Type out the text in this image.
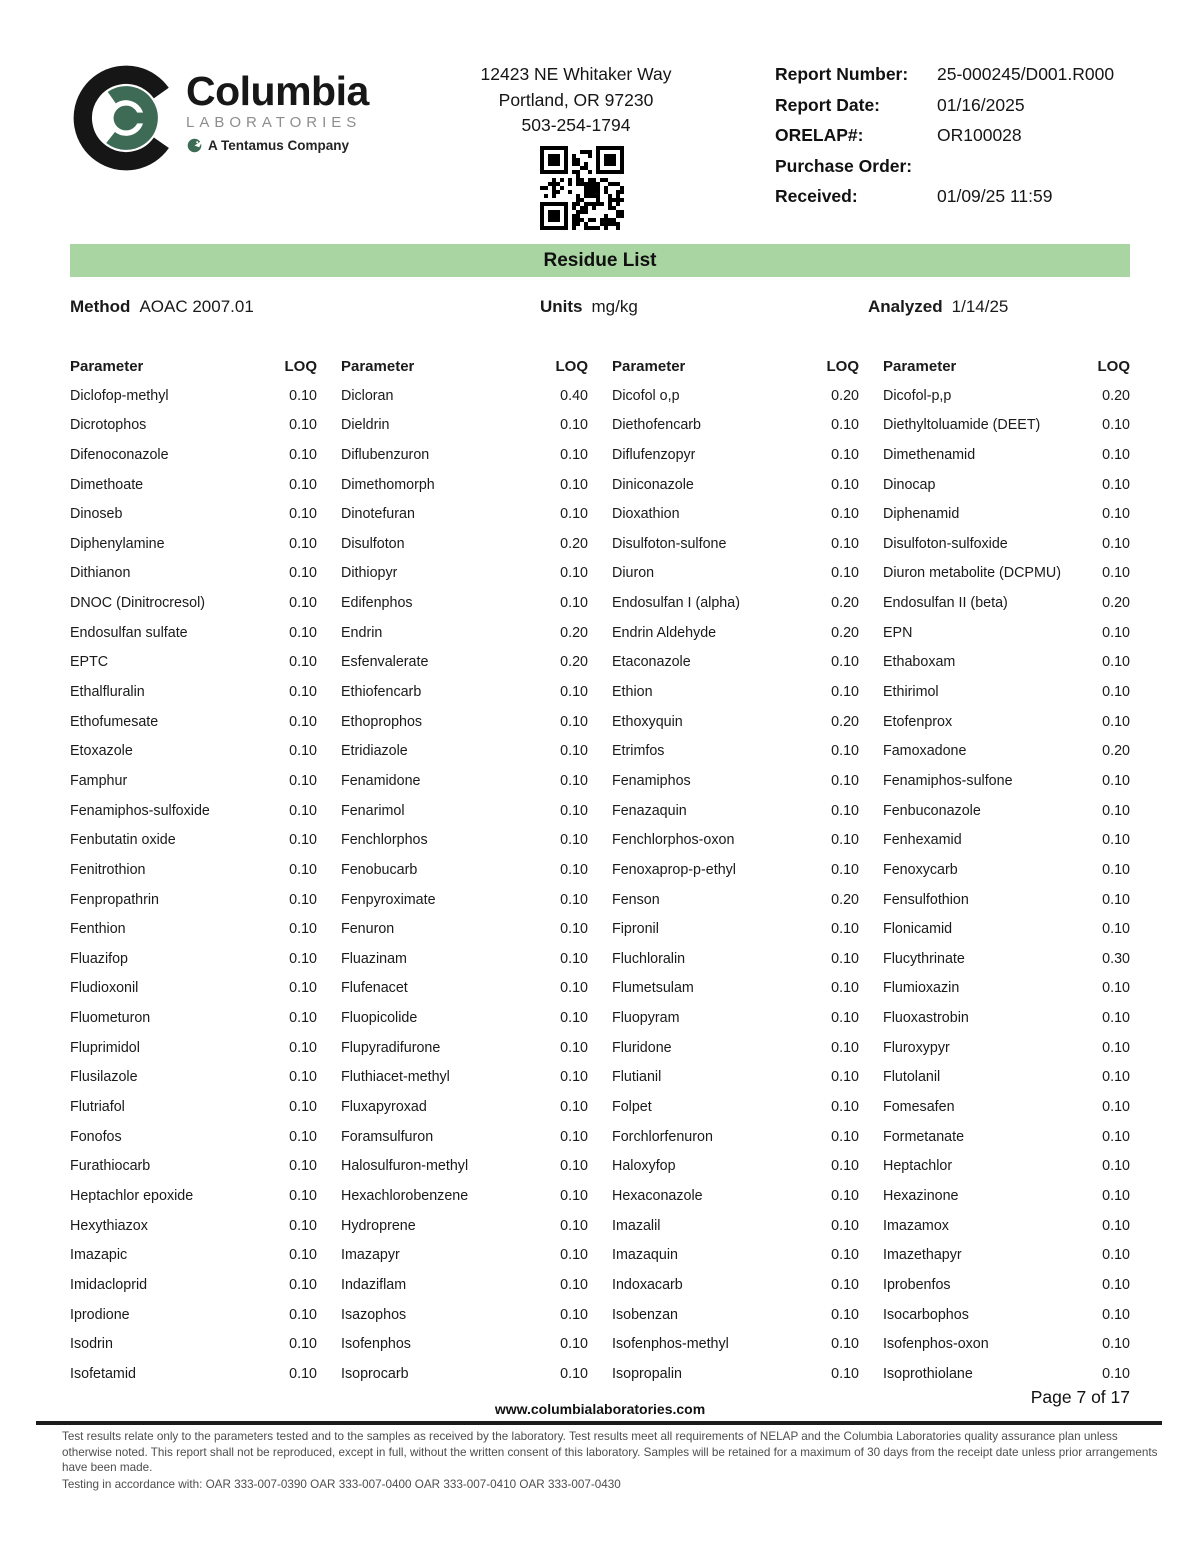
Columbia
LABORATORIES
A Tentamus Company
12423 NE Whitaker Way
Portland, OR 97230
503-254-1794
Report Number:	25-000245/D001.R000
Report Date:	01/16/2025
ORELAP#:	OR100028
Purchase Order:
Received:	01/09/25 11:59
Residue List
Method AOAC 2007.01	Units mg/kg	Analyzed 1/14/25
Parameter	LOQ
Diclofop-methyl	0.10
Dicrotophos	0.10
Difenoconazole	0.10
Dimethoate	0.10
Dinoseb	0.10
Diphenylamine	0.10
Dithianon	0.10
DNOC (Dinitrocresol)	0.10
Endosulfan sulfate	0.10
EPTC	0.10
Ethalfluralin	0.10
Ethofumesate	0.10
Etoxazole	0.10
Famphur	0.10
Fenamiphos-sulfoxide	0.10
Fenbutatin oxide	0.10
Fenitrothion	0.10
Fenpropathrin	0.10
Fenthion	0.10
Fluazifop	0.10
Fludioxonil	0.10
Fluometuron	0.10
Fluprimidol	0.10
Flusilazole	0.10
Flutriafol	0.10
Fonofos	0.10
Furathiocarb	0.10
Heptachlor epoxide	0.10
Hexythiazox	0.10
Imazapic	0.10
Imidacloprid	0.10
Iprodione	0.10
Isodrin	0.10
Isofetamid	0.10
Parameter	LOQ
Dicloran	0.40
Dieldrin	0.10
Diflubenzuron	0.10
Dimethomorph	0.10
Dinotefuran	0.10
Disulfoton	0.20
Dithiopyr	0.10
Edifenphos	0.10
Endrin	0.20
Esfenvalerate	0.20
Ethiofencarb	0.10
Ethoprophos	0.10
Etridiazole	0.10
Fenamidone	0.10
Fenarimol	0.10
Fenchlorphos	0.10
Fenobucarb	0.10
Fenpyroximate	0.10
Fenuron	0.10
Fluazinam	0.10
Flufenacet	0.10
Fluopicolide	0.10
Flupyradifurone	0.10
Fluthiacet-methyl	0.10
Fluxapyroxad	0.10
Foramsulfuron	0.10
Halosulfuron-methyl	0.10
Hexachlorobenzene	0.10
Hydroprene	0.10
Imazapyr	0.10
Indaziflam	0.10
Isazophos	0.10
Isofenphos	0.10
Isoprocarb	0.10
Parameter	LOQ
Dicofol o,p	0.20
Diethofencarb	0.10
Diflufenzopyr	0.10
Diniconazole	0.10
Dioxathion	0.10
Disulfoton-sulfone	0.10
Diuron	0.10
Endosulfan I (alpha)	0.20
Endrin Aldehyde	0.20
Etaconazole	0.10
Ethion	0.10
Ethoxyquin	0.20
Etrimfos	0.10
Fenamiphos	0.10
Fenazaquin	0.10
Fenchlorphos-oxon	0.10
Fenoxaprop-p-ethyl	0.10
Fenson	0.20
Fipronil	0.10
Fluchloralin	0.10
Flumetsulam	0.10
Fluopyram	0.10
Fluridone	0.10
Flutianil	0.10
Folpet	0.10
Forchlorfenuron	0.10
Haloxyfop	0.10
Hexaconazole	0.10
Imazalil	0.10
Imazaquin	0.10
Indoxacarb	0.10
Isobenzan	0.10
Isofenphos-methyl	0.10
Isopropalin	0.10
Parameter	LOQ
Dicofol-p,p	0.20
Diethyltoluamide (DEET)	0.10
Dimethenamid	0.10
Dinocap	0.10
Diphenamid	0.10
Disulfoton-sulfoxide	0.10
Diuron metabolite (DCPMU)	0.10
Endosulfan II (beta)	0.20
EPN	0.10
Ethaboxam	0.10
Ethirimol	0.10
Etofenprox	0.10
Famoxadone	0.20
Fenamiphos-sulfone	0.10
Fenbuconazole	0.10
Fenhexamid	0.10
Fenoxycarb	0.10
Fensulfothion	0.10
Flonicamid	0.10
Flucythrinate	0.30
Flumioxazin	0.10
Fluoxastrobin	0.10
Fluroxypyr	0.10
Flutolanil	0.10
Fomesafen	0.10
Formetanate	0.10
Heptachlor	0.10
Hexazinone	0.10
Imazamox	0.10
Imazethapyr	0.10
Iprobenfos	0.10
Isocarbophos	0.10
Isofenphos-oxon	0.10
Isoprothiolane	0.10
Page 7 of 17
www.columbialaboratories.com
Test results relate only to the parameters tested and to the samples as received by the laboratory. Test results meet all requirements of NELAP and the Columbia Laboratories quality assurance plan unless otherwise noted. This report shall not be reproduced, except in full, without the written consent of this laboratory. Samples will be retained for a maximum of 30 days from the receipt date unless prior arrangements have been made.
Testing in accordance with: OAR 333-007-0390 OAR 333-007-0400 OAR 333-007-0410 OAR 333-007-0430
